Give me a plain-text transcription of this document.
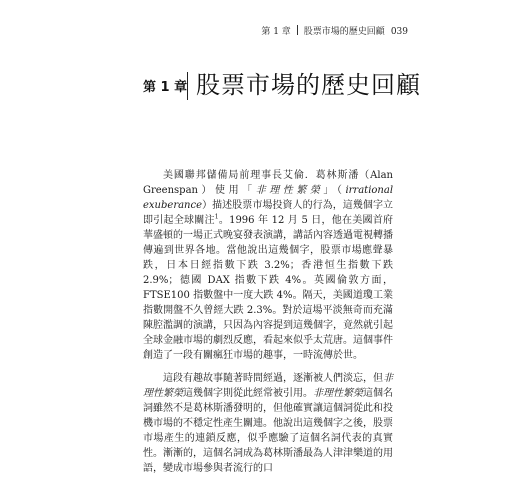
第 1 章 股票市場的歷史回顧 039
第 1 章 股票市場的歷史回顧

美國聯邦儲備局前理事長艾倫．葛林斯潘（Alan Greenspan）使用「非理性繁榮」（irrational exuberance）描述股票市場投資人的行為，這幾個字立即引起全球關注$^1$。1996 年 12 月 5 日，他在美國首府華盛頓的一場正式晚宴發表演講，講話內容透過電視轉播傳遍到世界各地。當他說出這幾個字，股票市場應聲暴跌，日本日經指數下跌 3.2%；香港恒生指數下跌 2.9%；德國 DAX 指數下跌 4%。英國倫敦方面，FTSE100 指數盤中一度大跌 4%。隔天，美國道瓊工業指數開盤不久曾經大跌 2.3%。對於這場平淡無奇而充滿陳腔濫調的演講，只因為內容提到這幾個字，竟然就引起全球金融市場的劇烈反應，看起來似乎太荒唐。這個事件創造了一段有關瘋狂市場的趣事，一時流傳於世。

這段有趣故事隨著時間經過，逐漸被人們淡忘，但非理性繁榮這幾個字則從此經常被引用。非理性繁榮這個名詞雖然不是葛林斯潘發明的，但他確實讓這個詞從此和投機市場的不穩定性產生關連。他說出這幾個字之後，股票市場產生的連鎖反應，似乎應驗了這個名詞代表的真實性。漸漸的，這個名詞成為葛林斯潘最為人津津樂道的用語，變成市場參與者流行的口
